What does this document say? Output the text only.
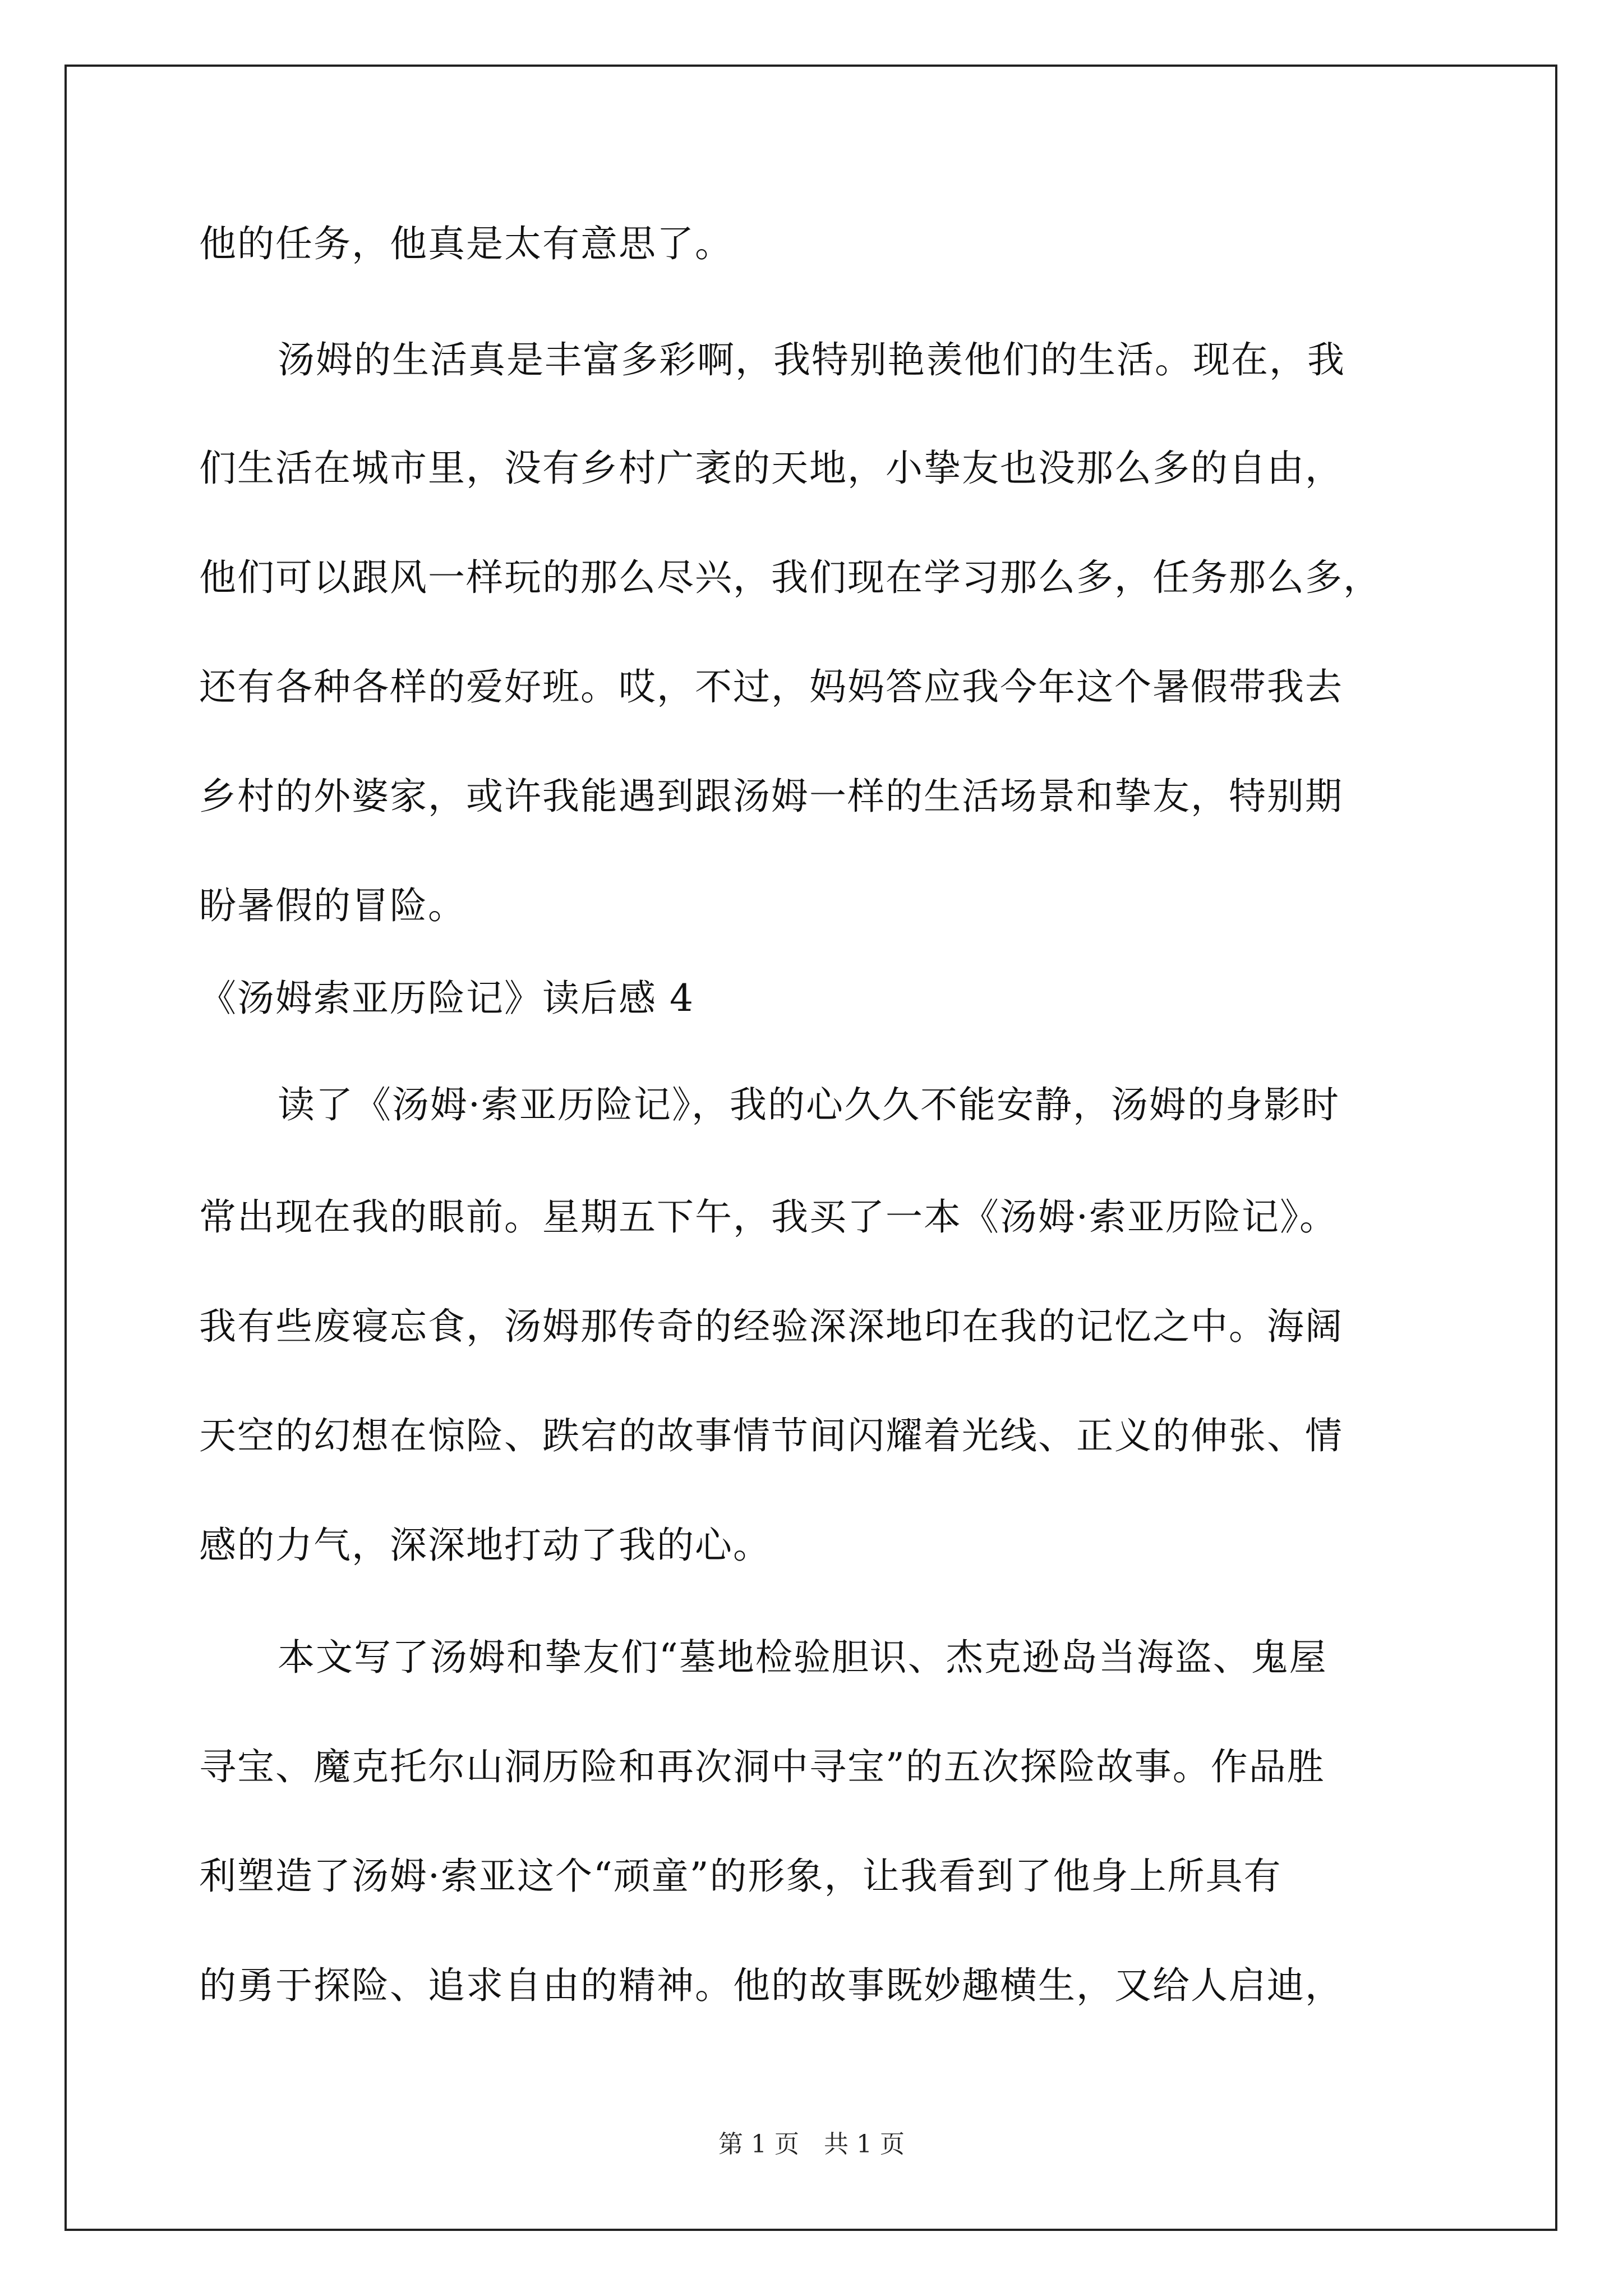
他的任务，他真是太有意思了。
汤姆的生活真是丰富多彩啊，我特别艳羡他们的生活。现在，我
们生活在城市里，没有乡村广袤的天地，小挚友也没那么多的自由，
他们可以跟风一样玩的那么尽兴，我们现在学习那么多，任务那么多，
还有各种各样的爱好班。哎，不过，妈妈答应我今年这个暑假带我去
乡村的外婆家，或许我能遇到跟汤姆一样的生活场景和挚友，特别期
盼暑假的冒险。
《汤姆索亚历险记》读后感 4
读了《汤姆·索亚历险记》，我的心久久不能安静，汤姆的身影时
常出现在我的眼前。星期五下午，我买了一本《汤姆·索亚历险记》。
我有些废寝忘食，汤姆那传奇的经验深深地印在我的记忆之中。海阔
天空的幻想在惊险、跌宕的故事情节间闪耀着光线、正义的伸张、情
感的力气，深深地打动了我的心。
本文写了汤姆和挚友们“墓地检验胆识、杰克逊岛当海盗、鬼屋
寻宝、魔克托尔山洞历险和再次洞中寻宝”的五次探险故事。作品胜
利塑造了汤姆·索亚这个“顽童”的形象，让我看到了他身上所具有
的勇于探险、追求自由的精神。他的故事既妙趣横生，又给人启迪，
第 1 页　共 1 页
